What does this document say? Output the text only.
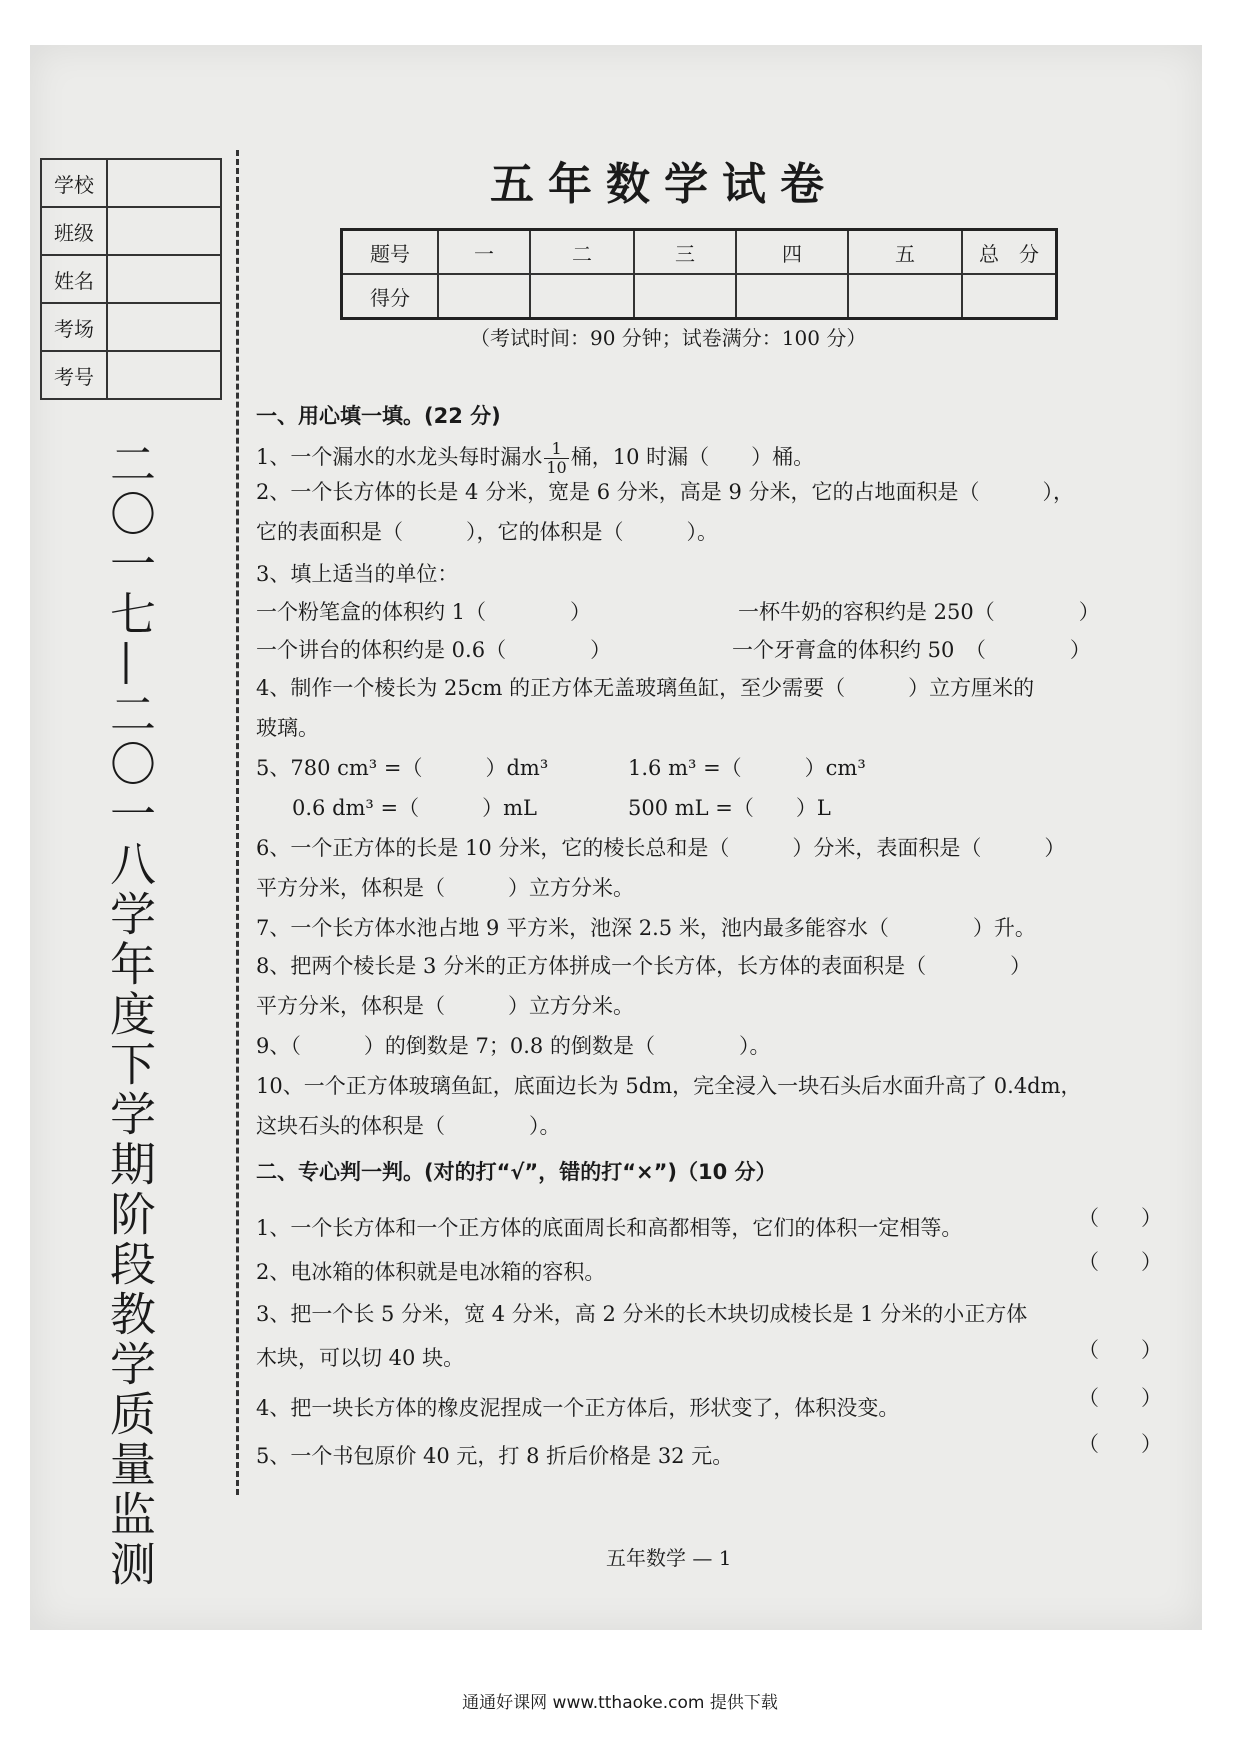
学校	
班级	
姓名	
考场	
考号	
二〇一七—二〇一八学年度下学期阶段教学质量监测
五年数学试卷
题号	一	二	三	四	五	总　分
得分						
（考试时间：90 分钟；试卷满分：100 分）
一、用心填一填。(22 分)
1、一个漏水的水龙头每时漏水 $\frac{1}{10}$ 桶，10 时漏（　　）桶。
2、一个长方体的长是 4 分米，宽是 6 分米，高是 9 分米，它的占地面积是（　　　），
它的表面积是（　　　），它的体积是（　　　）。
3、填上适当的单位：
一个粉笔盒的体积约 1（　　　　）	一杯牛奶的容积约是 250（　　　　）
一个讲台的体积约是 0.6（　　　　）	一个牙膏盒的体积约 50　（　　　　）
4、制作一个棱长为 25cm 的正方体无盖玻璃鱼缸，至少需要（　　　）立方厘米的
玻璃。
5、780 cm³ =（　　　）dm³	1.6 m³ =（　　　）cm³
0.6 dm³ =（　　　）mL	500 mL =（　　）L
6、一个正方体的长是 10 分米，它的棱长总和是（　　　）分米，表面积是（　　　）
平方分米，体积是（　　　）立方分米。
7、一个长方体水池占地 9 平方米，池深 2.5 米，池内最多能容水（　　　　）升。
8、把两个棱长是 3 分米的正方体拼成一个长方体，长方体的表面积是（　　　　）
平方分米，体积是（　　　）立方分米。
9、（　　　）的倒数是 7；0.8 的倒数是（　　　　）。
10、一个正方体玻璃鱼缸，底面边长为 5dm，完全浸入一块石头后水面升高了 0.4dm，
这块石头的体积是（　　　　）。
二、专心判一判。(对的打“√”，错的打“×”)（10 分）
1、一个长方体和一个正方体的底面周长和高都相等，它们的体积一定相等。	（　　）
2、电冰箱的体积就是电冰箱的容积。	（　　）
3、把一个长 5 分米，宽 4 分米，高 2 分米的长木块切成棱长是 1 分米的小正方体
木块，可以切 40 块。	（　　）
4、把一块长方体的橡皮泥捏成一个正方体后，形状变了，体积没变。	（　　）
5、一个书包原价 40 元，打 8 折后价格是 32 元。	（　　）
五年数学 — 1
通通好课网 www.tthaoke.com 提供下载
